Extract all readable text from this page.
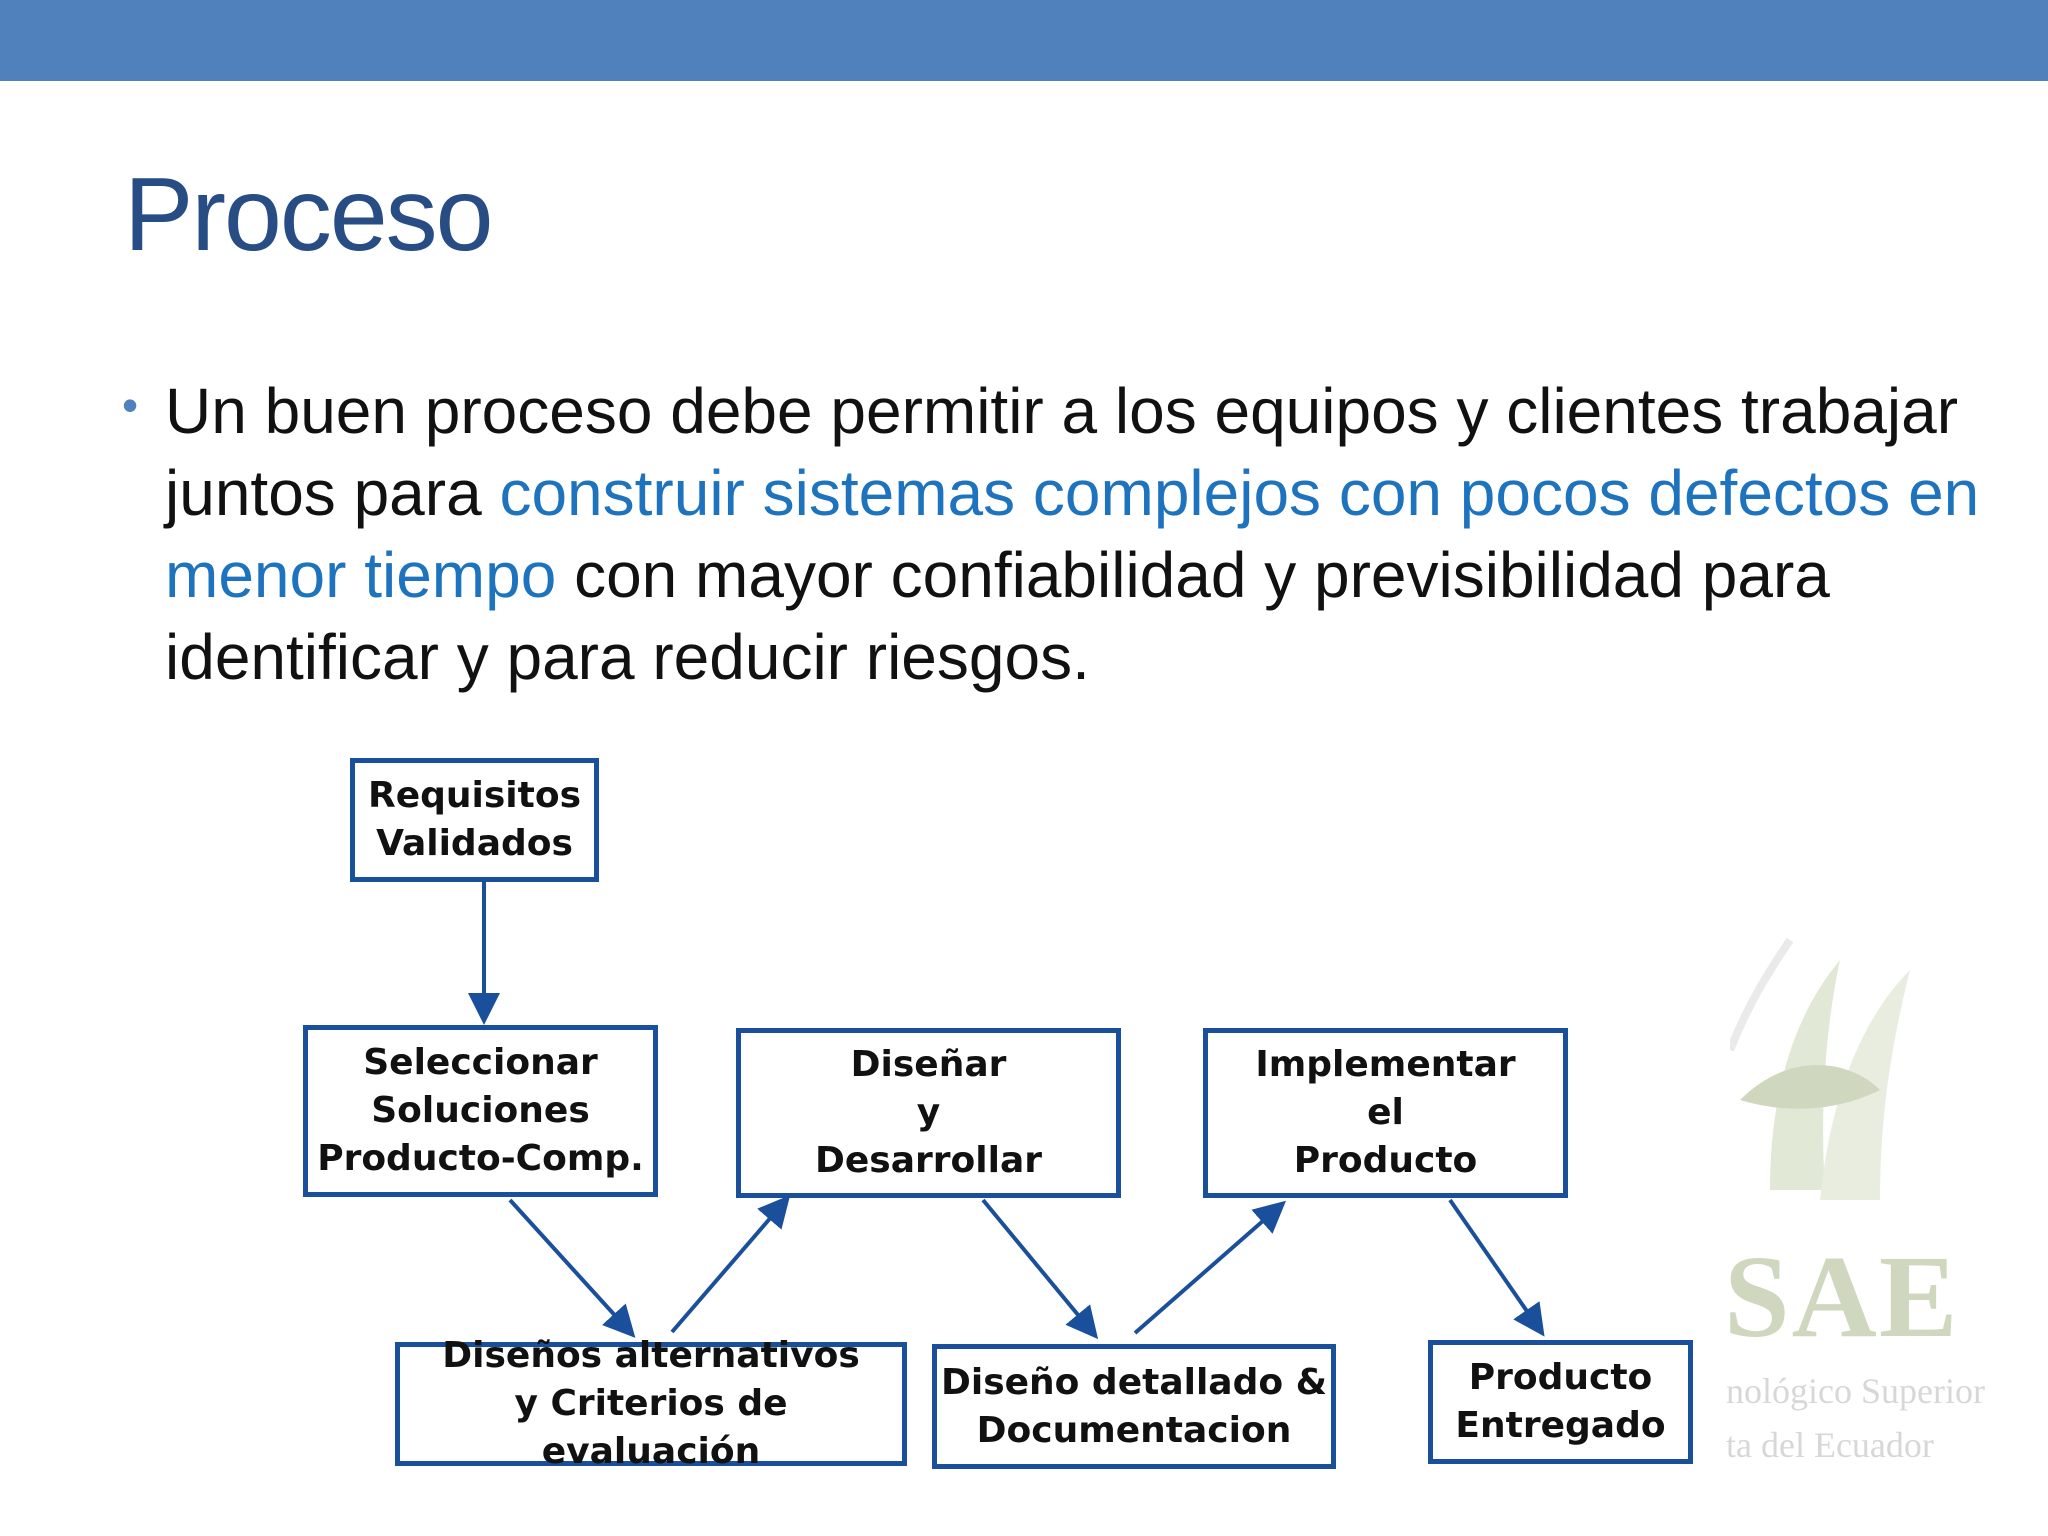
Proceso
• Un buen proceso debe permitir a los equipos y clientes trabajar juntos para construir sistemas complejos con pocos defectos en menor tiempo con mayor confiabilidad y previsibilidad para identificar y para reducir riesgos.

SAE
nológico Superior
ta del Ecuador
Requisitos
Validados
Seleccionar
Soluciones
Producto-Comp.
Diseñar
y
Desarrollar
Implementar
el
Producto
Diseños alternativos
y Criterios de evaluación
Diseño detallado &
Documentacion
Producto
Entregado
